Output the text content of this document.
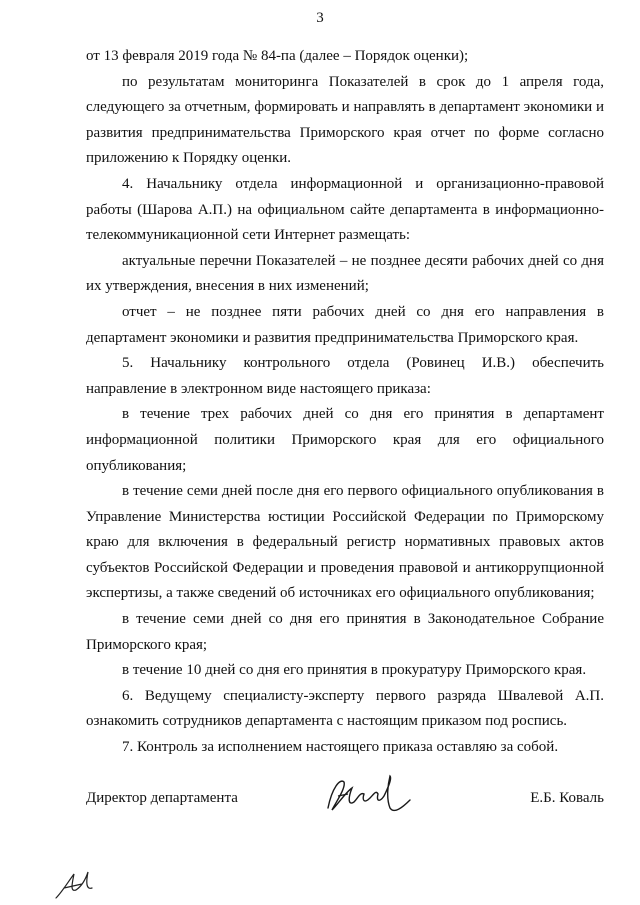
3

от 13 февраля 2019 года № 84-па (далее – Порядок оценки);

по результатам мониторинга Показателей в срок до 1 апреля года, следующего за отчетным, формировать и направлять в департамент экономики и развития предпринимательства Приморского края отчет по форме согласно приложению к Порядку оценки.

4. Начальнику отдела информационной и организационно-правовой работы (Шарова А.П.) на официальном сайте департамента в информационно-телекоммуникационной сети Интернет размещать:

актуальные перечни Показателей – не позднее десяти рабочих дней со дня их утверждения, внесения в них изменений;

отчет – не позднее пяти рабочих дней со дня его направления в департамент экономики и развития предпринимательства Приморского края.

5. Начальнику контрольного отдела (Ровинец И.В.) обеспечить направление в электронном виде настоящего приказа:

в течение трех рабочих дней со дня его принятия в департамент информационной политики Приморского края для его официального опубликования;

в течение семи дней после дня его первого официального опубликования в Управление Министерства юстиции Российской Федерации по Приморскому краю для включения в федеральный регистр нормативных правовых актов субъектов Российской Федерации и проведения правовой и антикоррупционной экспертизы, а также сведений об источниках его официального опубликования;

в течение семи дней со дня его принятия в Законодательное Собрание Приморского края;

в течение 10 дней со дня его принятия в прокуратуру Приморского края.

6. Ведущему специалисту-эксперту первого разряда Швалевой А.П. ознакомить сотрудников департамента с настоящим приказом под роспись.

7. Контроль за исполнением настоящего приказа оставляю за собой.

Директор департамента	Е.Б. Коваль
